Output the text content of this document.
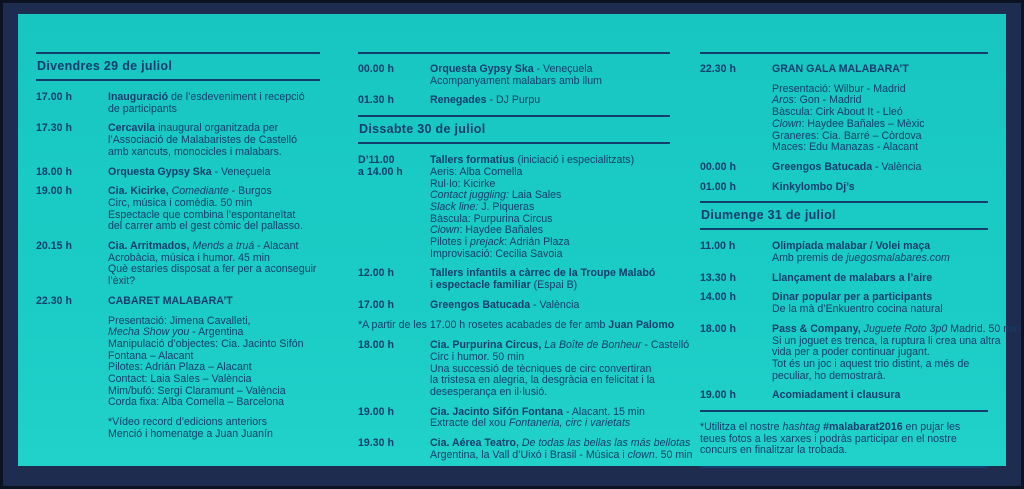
Divendres 29 de juliol
17.00 h	Inauguració de l’esdeveniment i recepció
de participants
17.30 h	Cercavila inaugural organitzada per
l’Associació de Malabaristes de Castelló
amb xancuts, monocicles i malabars.
18.00 h	Orquesta Gypsy Ska - Veneçuela
19.00 h	Cia. Kicirke, Comediante - Burgos
Circ, música i comèdia. 50 min
Espectacle que combina l’espontaneïtat
del carrer amb el gest còmic del pallasso.
20.15 h	Cia. Arritmados, Mends a truá - Alacant
Acrobàcia, música i humor. 45 min
Què estaries disposat a fer per a aconseguir
l’èxit?
22.30 h	CABARET MALABARA’T
Presentació: Jimena Cavalleti,
Mecha Show you - Argentina
Manipulació d’objectes: Cia. Jacinto Sifón
Fontana – Alacant
Pilotes: Adrián Plaza – Alacant
Contact: Laia Sales – València
Mim/bufó: Sergi Claramunt – València
Corda fixa: Alba Comella – Barcelona
*Vídeo record d’edicions anteriors
Menció i homenatge a Juan Juanín
00.00 h	Orquesta Gypsy Ska - Veneçuela
Acompanyament malabars amb llum
01.30 h	Renegades - DJ Purpu
Dissabte 30 de juliol
D’11.00
a 14.00 h
Tallers formatius (iniciació i especialitzats)
Aeris: Alba Comella
Rul·lo: Kicirke
Contact juggling: Laia Sales
Slack line: J. Piqueras
Bàscula: Purpurina Circus
Clown: Haydee Bañales
Pilotes i prejack: Adrián Plaza
Improvisació: Cecilia Savoia
12.00 h	Tallers infantils a càrrec de la Troupe Malabó
i espectacle familiar (Espai B)
17.00 h	Greengos Batucada - València
*A partir de les 17.00 h rosetes acabades de fer amb Juan Palomo
18.00 h	Cia. Purpurina Circus, La Boîte de Bonheur - Castelló
Circ i humor. 50 min
Una successió de tècniques de circ convertiran
la tristesa en alegria, la desgràcia en felicitat i la
desesperança en il·lusió.
19.00 h	Cia. Jacinto Sifón Fontana - Alacant. 15 min
Extracte del xou Fontaneria, circ i varietats
19.30 h	Cia. Aérea Teatro, De todas las bellas las más bellotas
Argentina, la Vall d’Uixó i Brasil - Música i clown. 50 min
22.30 h	GRAN GALA MALABARA’T
Presentació: Wilbur - Madrid
Aros: Gon - Madrid
Bàscula: Cirk About It - Lleó
Clown: Haydee Bañales – Mèxic
Graneres: Cia. Barré – Còrdova
Maces: Edu Manazas - Alacant
00.00 h	Greengos Batucada - València
01.00 h	Kinkylombo Dj’s
Diumenge 31 de juliol
11.00 h	Olimpíada malabar / Volei maça
Amb premis de juegosmalabares.com
13.30 h	Llançament de malabars a l’aire
14.00 h	Dinar popular per a participants
De la mà d’Enkuentro cocina natural
18.00 h	Pass & Company, Juguete Roto 3p0 Madrid. 50 min
Si un joguet es trenca, la ruptura li crea una altra
vida per a poder continuar jugant.
Tot és un joc i aquest trio distint, a més de
peculiar, ho demostrarà.
19.00 h	Acomiadament i clausura
*Utilitza el nostre hashtag #malabarat2016 en pujar les
teues fotos a les xarxes i podràs participar en el nostre
concurs en finalitzar la trobada.
